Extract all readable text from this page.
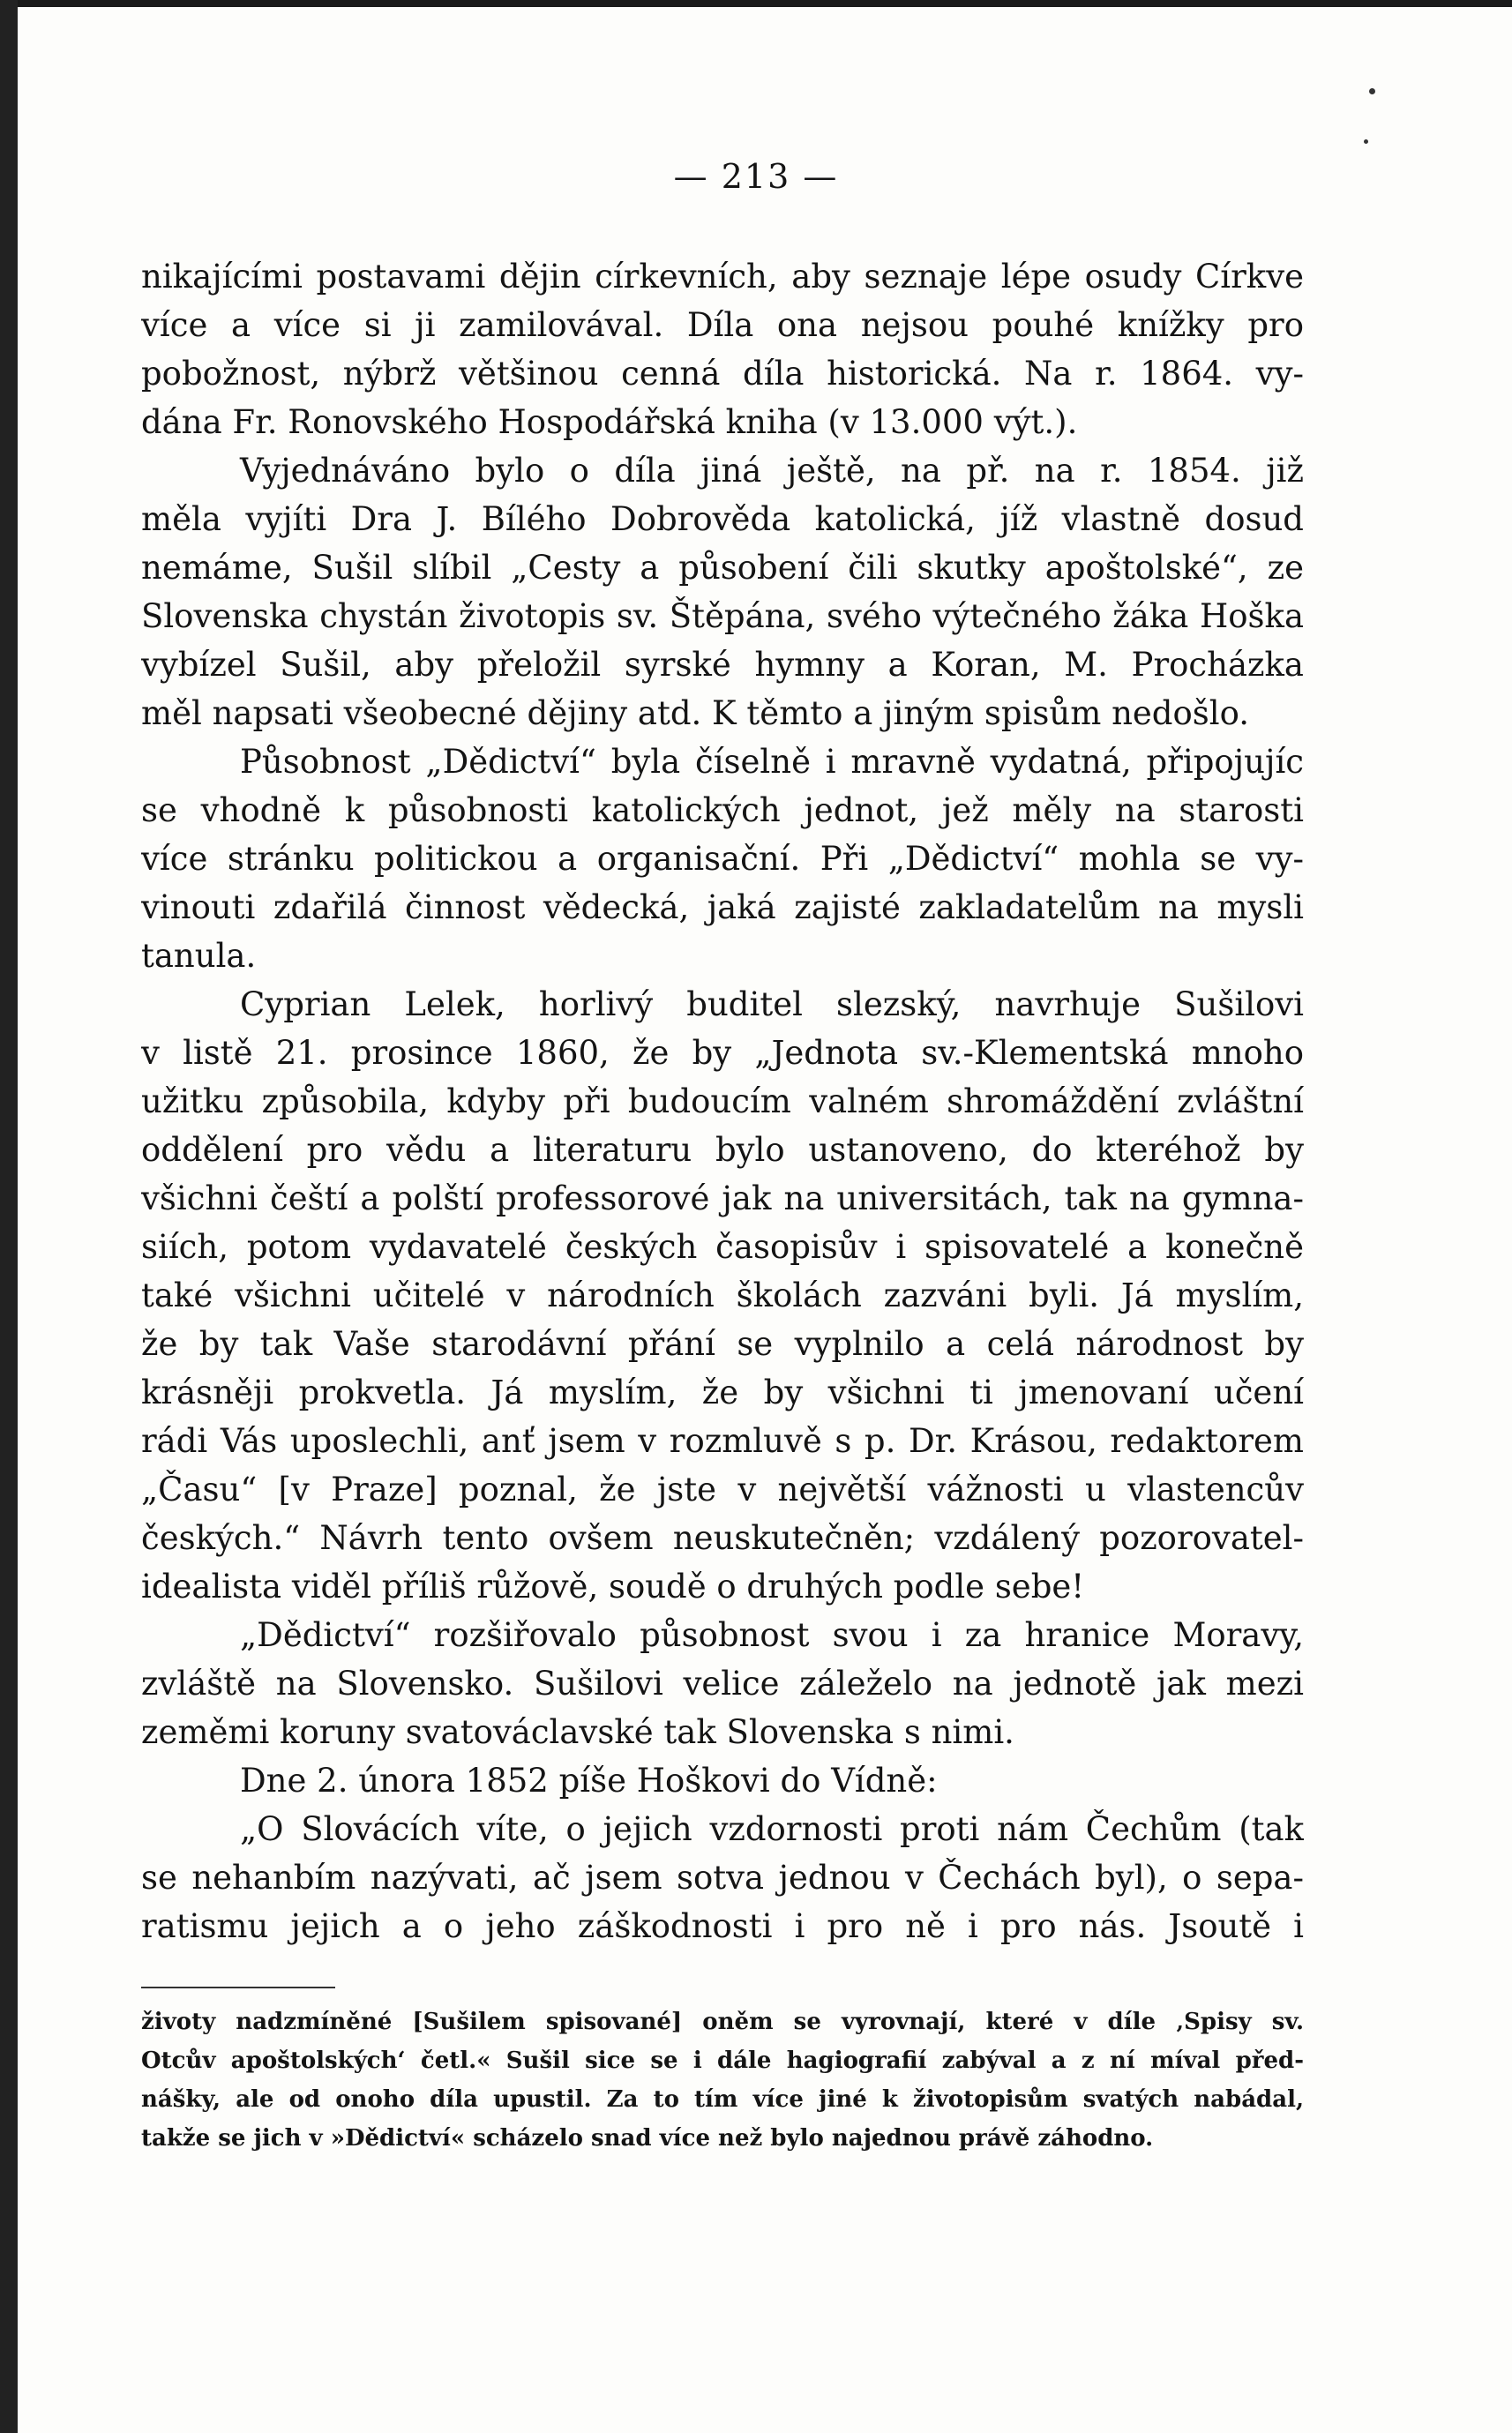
— 213 —
nikajícími postavami dějin církevních, aby seznaje lépe osudy Církve
více a více si ji zamilovával. Díla ona nejsou pouhé knížky pro
pobožnost, nýbrž většinou cenná díla historická. Na r. 1864. vy-
dána Fr. Ronovského Hospodářská kniha (v 13.000 výt.).
Vyjednáváno bylo o díla jiná ještě, na př. na r. 1854. již
měla vyjíti Dra J. Bílého Dobrověda katolická, jíž vlastně dosud
nemáme, Sušil slíbil „Cesty a působení čili skutky apoštolské“, ze
Slovenska chystán životopis sv. Štěpána, svého výtečného žáka Hoška
vybízel Sušil, aby přeložil syrské hymny a Koran, M. Procházka
měl napsati všeobecné dějiny atd. K těmto a jiným spisům nedošlo.
Působnost „Dědictví“ byla číselně i mravně vydatná, připojujíc
se vhodně k působnosti katolických jednot, jež měly na starosti
více stránku politickou a organisační. Při „Dědictví“ mohla se vy-
vinouti zdařilá činnost vědecká, jaká zajisté zakladatelům na mysli
tanula.
Cyprian Lelek, horlivý buditel slezský, navrhuje Sušilovi
v listě 21. prosince 1860, že by „Jednota sv.-Klementská mnoho
užitku způsobila, kdyby při budoucím valném shromáždění zvláštní
oddělení pro vědu a literaturu bylo ustanoveno, do kteréhož by
všichni čeští a polští professorové jak na universitách, tak na gymna-
siích, potom vydavatelé českých časopisův i spisovatelé a konečně
také všichni učitelé v národních školách zazváni byli. Já myslím,
že by tak Vaše starodávní přání se vyplnilo a celá národnost by
krásněji prokvetla. Já myslím, že by všichni ti jmenovaní učení
rádi Vás uposlechli, anť jsem v rozmluvě s p. Dr. Krásou, redaktorem
„Času“ [v Praze] poznal, že jste v největší vážnosti u vlastencův
českých.“ Návrh tento ovšem neuskutečněn; vzdálený pozorovatel-
idealista viděl příliš růžově, soudě o druhých podle sebe!
„Dědictví“ rozšiřovalo působnost svou i za hranice Moravy,
zvláště na Slovensko. Sušilovi velice záleželo na jednotě jak mezi
zeměmi koruny svatováclavské tak Slovenska s nimi.
Dne 2. února 1852 píše Hoškovi do Vídně:
„O Slovácích víte, o jejich vzdornosti proti nám Čechům (tak
se nehanbím nazývati, ač jsem sotva jednou v Čechách byl), o sepa-
ratismu jejich a o jeho záškodnosti i pro ně i pro nás. Jsoutě i
životy nadzmíněné [Sušilem spisované] oněm se vyrovnají, které v díle ‚Spisy sv.
Otcův apoštolských‘ četl.« Sušil sice se i dále hagiografií zabýval a z ní míval před-
nášky, ale od onoho díla upustil. Za to tím více jiné k životopisům svatých nabádal,
takže se jich v »Dědictví« scházelo snad více než bylo najednou právě záhodno.
